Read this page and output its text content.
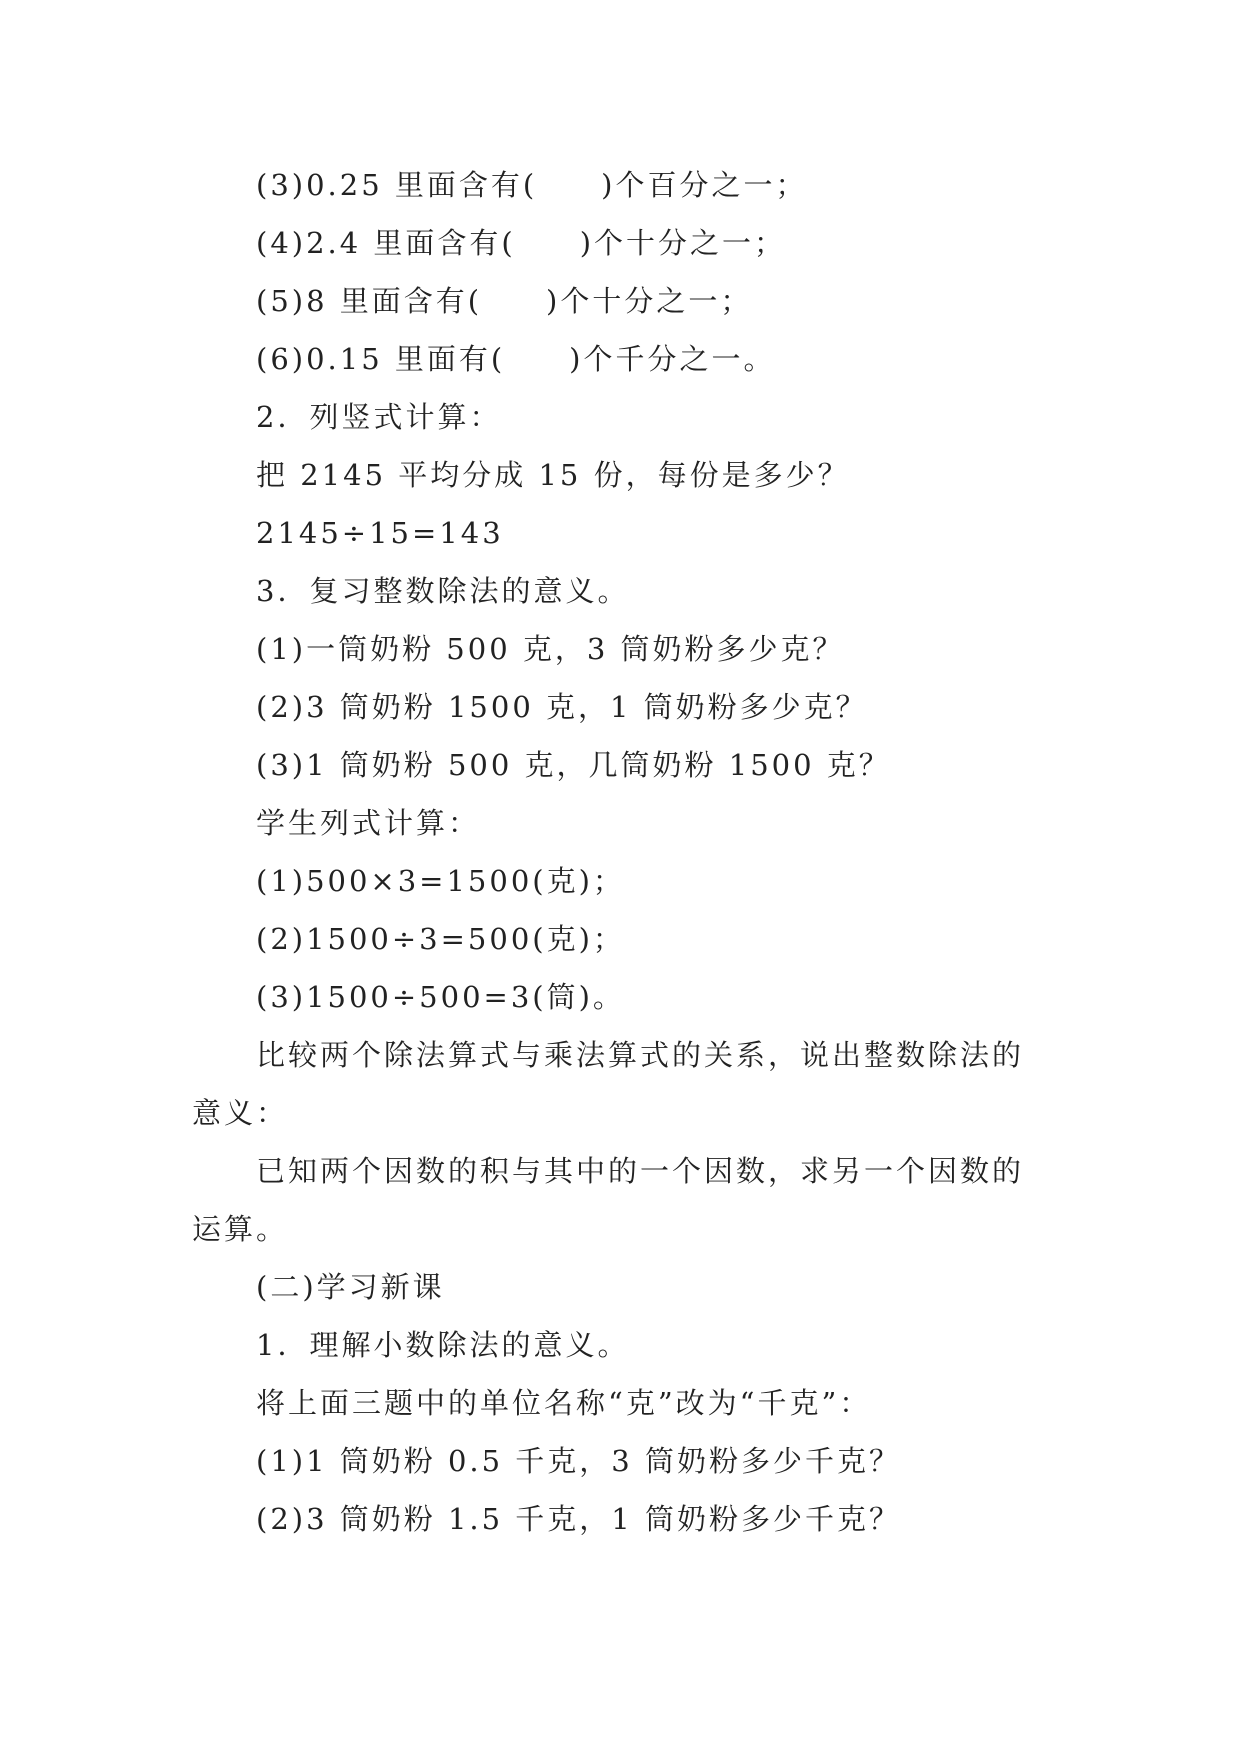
(3)0.25 里面含有(　　)个百分之一；
(4)2.4 里面含有(　　)个十分之一；
(5)8 里面含有(　　)个十分之一；
(6)0.15 里面有(　　)个千分之一。
2．列竖式计算：
把 2145 平均分成 15 份，每份是多少？
2145÷15=143
3．复习整数除法的意义。
(1)一筒奶粉 500 克，3 筒奶粉多少克？
(2)3 筒奶粉 1500 克，1 筒奶粉多少克？
(3)1 筒奶粉 500 克，几筒奶粉 1500 克？
学生列式计算：
(1)500×3=1500(克)；
(2)1500÷3=500(克)；
(3)1500÷500=3(筒)。
比较两个除法算式与乘法算式的关系，说出整数除法的
意义：
已知两个因数的积与其中的一个因数，求另一个因数的
运算。
(二)学习新课
1．理解小数除法的意义。
将上面三题中的单位名称“克”改为“千克”：
(1)1 筒奶粉 0.5 千克，3 筒奶粉多少千克？
(2)3 筒奶粉 1.5 千克，1 筒奶粉多少千克？
